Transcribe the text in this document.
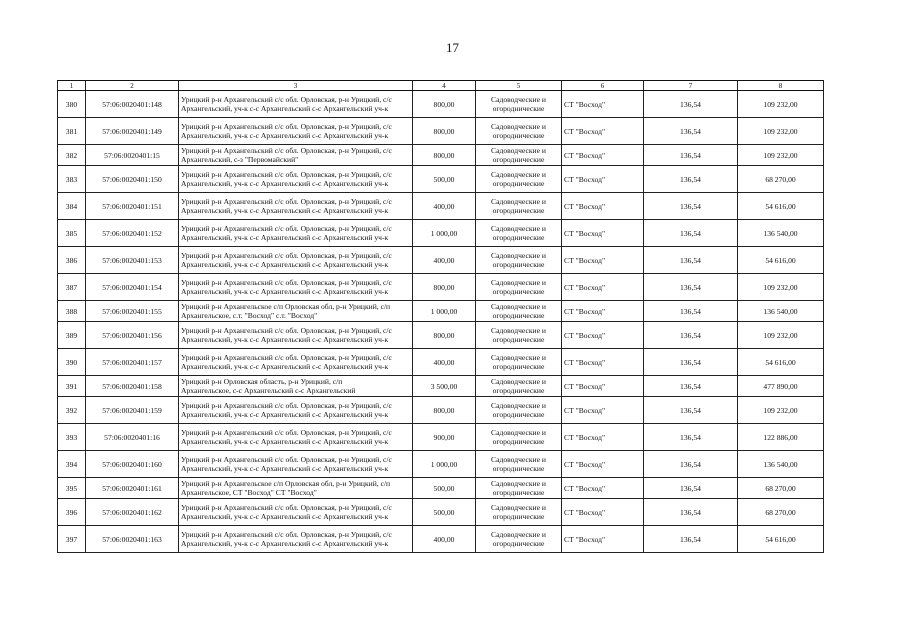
17
1	2	3	4	5	6	7	8
380	57:06:0020401:148	Урицкий р-н Архангельский с/с обл. Орловская, р-н Урицкий, с/с
Архангельский, уч-к с-с Архангельский с-с Архангельский уч-к	800,00	Садоводческие и
огороднические	СТ "Восход"	136,54	109 232,00
381	57:06:0020401:149	Урицкий р-н Архангельский с/с обл. Орловская, р-н Урицкий, с/с
Архангельский, уч-к с-с Архангельский с-с Архангельский уч-к	800,00	Садоводческие и
огороднические	СТ "Восход"	136,54	109 232,00
382	57:06:0020401:15	Урицкий р-н Архангельский с/с обл. Орловская, р-н Урицкий, с/с
Архангельский, с-з "Первомайский"	800,00	Садоводческие и
огороднические	СТ "Восход"	136,54	109 232,00
383	57:06:0020401:150	Урицкий р-н Архангельский с/с обл. Орловская, р-н Урицкий, с/с
Архангельский, уч-к с-с Архангельский с-с Архангельский уч-к	500,00	Садоводческие и
огороднические	СТ "Восход"	136,54	68 270,00
384	57:06:0020401:151	Урицкий р-н Архангельский с/с обл. Орловская, р-н Урицкий, с/с
Архангельский, уч-к с-с Архангельский с-с Архангельский уч-к	400,00	Садоводческие и
огороднические	СТ "Восход"	136,54	54 616,00
385	57:06:0020401:152	Урицкий р-н Архангельский с/с обл. Орловская, р-н Урицкий, с/с
Архангельский, уч-к с-с Архангельский с-с Архангельский уч-к	1 000,00	Садоводческие и
огороднические	СТ "Восход"	136,54	136 540,00
386	57:06:0020401:153	Урицкий р-н Архангельский с/с обл. Орловская, р-н Урицкий, с/с
Архангельский, уч-к с-с Архангельский с-с Архангельский уч-к	400,00	Садоводческие и
огороднические	СТ "Восход"	136,54	54 616,00
387	57:06:0020401:154	Урицкий р-н Архангельский с/с обл. Орловская, р-н Урицкий, с/с
Архангельский, уч-к с-с Архангельский с-с Архангельский уч-к	800,00	Садоводческие и
огороднические	СТ "Восход"	136,54	109 232,00
388	57:06:0020401:155	Урицкий р-н Архангельское с/п Орловская обл, р-н Урицкий, с/п
Архангельское, с.т. "Восход" с.т. "Восход"	1 000,00	Садоводческие и
огороднические	СТ "Восход"	136,54	136 540,00
389	57:06:0020401:156	Урицкий р-н Архангельский с/с обл. Орловская, р-н Урицкий, с/с
Архангельский, уч-к с-с Архангельский с-с Архангельский уч-к	800,00	Садоводческие и
огороднические	СТ "Восход"	136,54	109 232,00
390	57:06:0020401:157	Урицкий р-н Архангельский с/с обл. Орловская, р-н Урицкий, с/с
Архангельский, уч-к с-с Архангельский с-с Архангельский уч-к	400,00	Садоводческие и
огороднические	СТ "Восход"	136,54	54 616,00
391	57:06:0020401:158	Урицкий р-н Орловская область, р-н Урицкий, с/п
Архангельское, с-с Архангельский с-с Архангельский	3 500,00	Садоводческие и
огороднические	СТ "Восход"	136,54	477 890,00
392	57:06:0020401:159	Урицкий р-н Архангельский с/с обл. Орловская, р-н Урицкий, с/с
Архангельский, уч-к с-с Архангельский с-с Архангельский уч-к	800,00	Садоводческие и
огороднические	СТ "Восход"	136,54	109 232,00
393	57:06:0020401:16	Урицкий р-н Архангельский с/с обл. Орловская, р-н Урицкий, с/с
Архангельский, уч-к с-с Архангельский с-с Архангельский уч-к	900,00	Садоводческие и
огороднические	СТ "Восход"	136,54	122 886,00
394	57:06:0020401:160	Урицкий р-н Архангельский с/с обл. Орловская, р-н Урицкий, с/с
Архангельский, уч-к с-с Архангельский с-с Архангельский уч-к	1 000,00	Садоводческие и
огороднические	СТ "Восход"	136,54	136 540,00
395	57:06:0020401:161	Урицкий р-н Архангельское с/п Орловская обл, р-н Урицкий, с/п
Архангельское, СТ "Восход" СТ "Восход"	500,00	Садоводческие и
огороднические	СТ "Восход"	136,54	68 270,00
396	57:06:0020401:162	Урицкий р-н Архангельский с/с обл. Орловская, р-н Урицкий, с/с
Архангельский, уч-к с-с Архангельский с-с Архангельский уч-к	500,00	Садоводческие и
огороднические	СТ "Восход"	136,54	68 270,00
397	57:06:0020401:163	Урицкий р-н Архангельский с/с обл. Орловская, р-н Урицкий, с/с
Архангельский, уч-к с-с Архангельский с-с Архангельский уч-к	400,00	Садоводческие и
огороднические	СТ "Восход"	136,54	54 616,00
